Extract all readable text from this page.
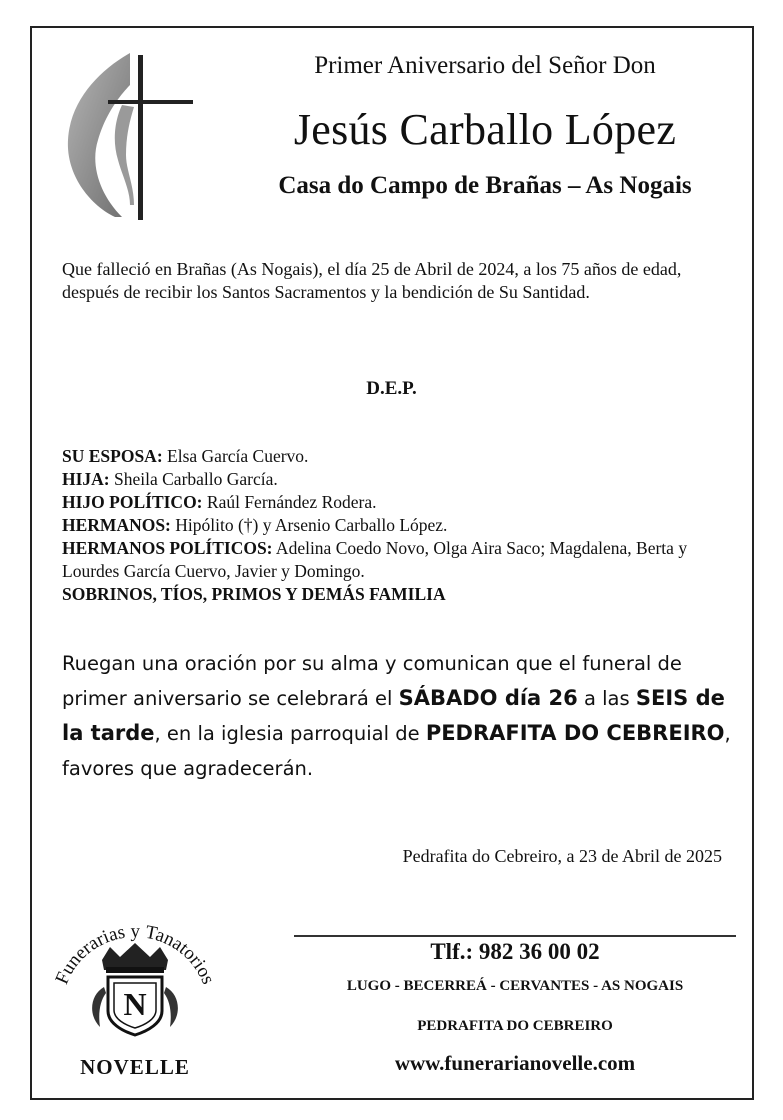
Primer Aniversario del Señor Don
Jesús Carballo López
Casa do Campo de Brañas – As Nogais
Que falleció en Brañas (As Nogais), el día 25 de Abril de 2024, a los 75 años de edad, después de recibir los Santos Sacramentos y la bendición de Su Santidad.
D.E.P.
SU ESPOSA: Elsa García Cuervo.
HIJA: Sheila Carballo García.
HIJO POLÍTICO: Raúl Fernández Rodera.
HERMANOS: Hipólito (†) y Arsenio Carballo López.
HERMANOS POLÍTICOS: Adelina Coedo Novo, Olga Aira Saco; Magdalena, Berta y Lourdes García Cuervo, Javier y Domingo.
SOBRINOS, TÍOS, PRIMOS Y DEMÁS FAMILIA
Ruegan una oración por su alma y comunican que el funeral de primer aniversario se celebrará el SÁBADO día 26 a las SEIS de la tarde, en la iglesia parroquial de PEDRAFITA DO CEBREIRO, favores que agradecerán.
Pedrafita do Cebreiro, a 23 de Abril de 2025
Funerarias y Tanatorios
N
NOVELLE
Tlf.: 982 36 00 02
LUGO - BECERREÁ - CERVANTES - AS NOGAIS
PEDRAFITA DO CEBREIRO
www.funerarianovelle.com
